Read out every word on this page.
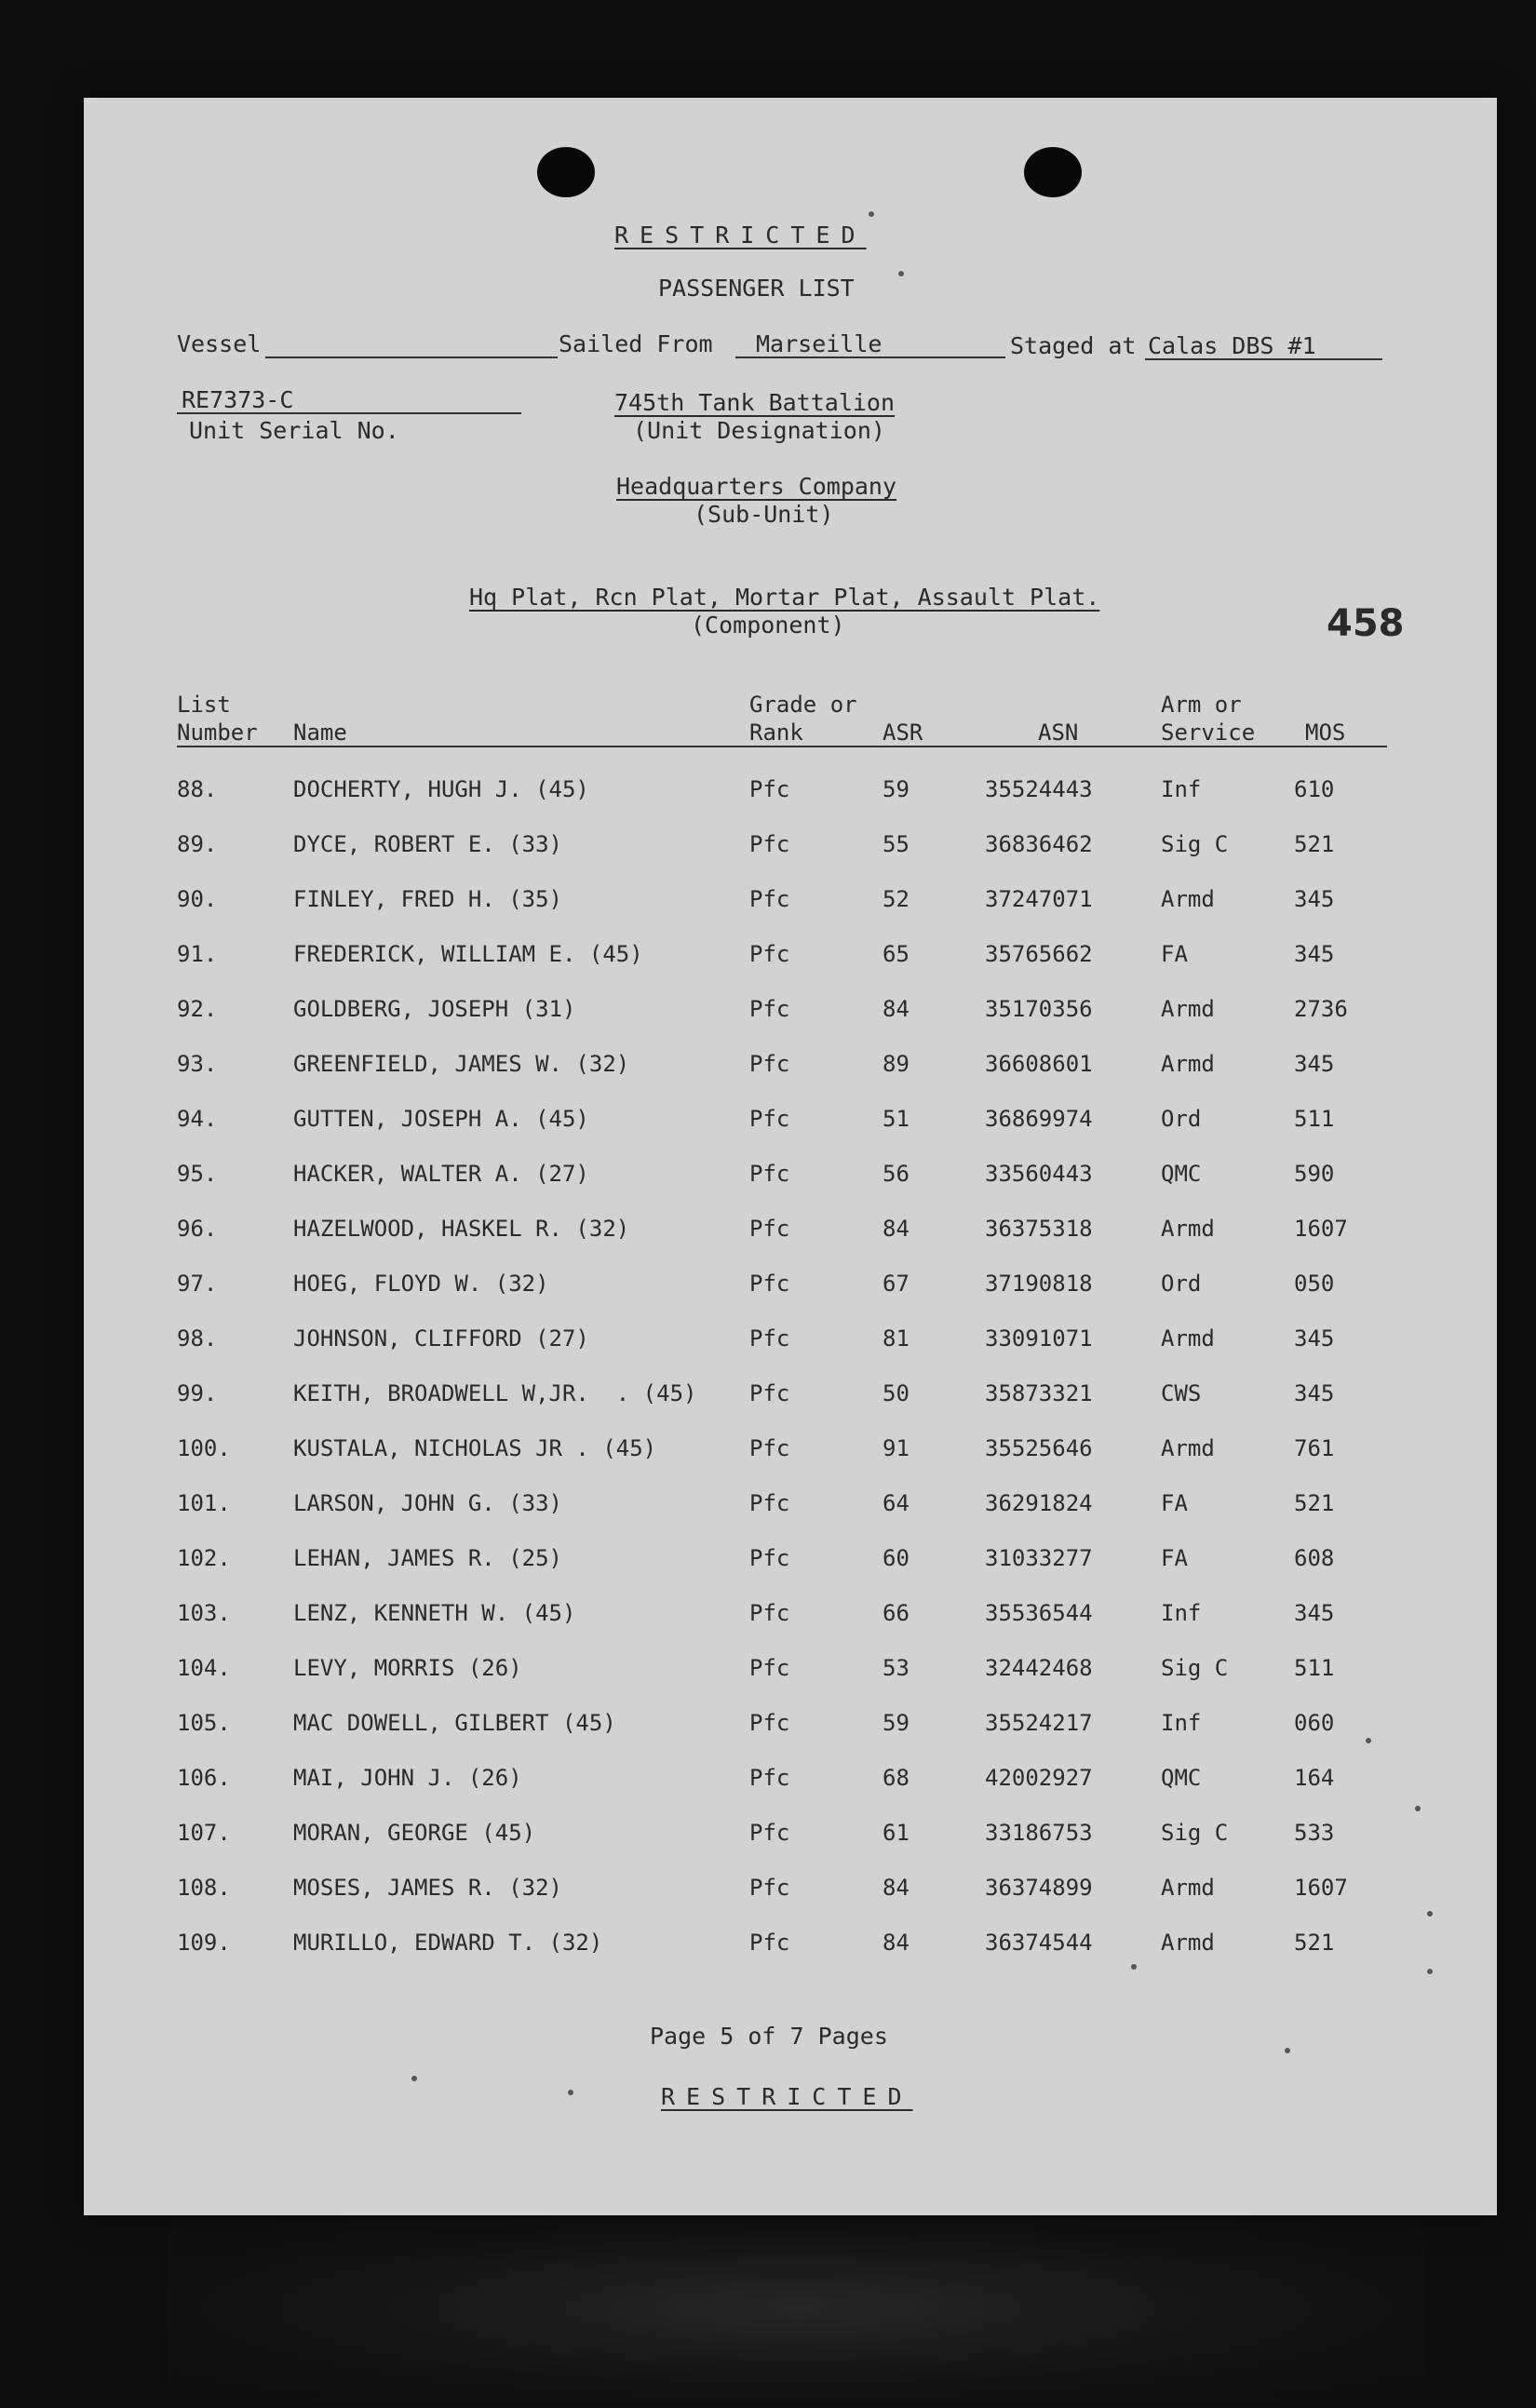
RESTRICTED
PASSENGER LIST
Vessel	Sailed From Marseille	Staged at Calas DBS #1
RE7373-C
Unit Serial No.
745th Tank Battalion
(Unit Designation)
Headquarters Company
(Sub-Unit)
Hq Plat, Rcn Plat, Mortar Plat, Assault Plat.
(Component)	458
List
Number Name
Grade or
Rank	ASR	ASN
Arm or
Service MOS
88.	DOCHERTY, HUGH J. (45)	Pfc	59	35524443	Inf	610
89.	DYCE, ROBERT E. (33)	Pfc	55	36836462	Sig C	521
90.	FINLEY, FRED H. (35)	Pfc	52	37247071	Armd	345
91.	FREDERICK, WILLIAM E. (45)	Pfc	65	35765662	FA	345
92.	GOLDBERG, JOSEPH (31)	Pfc	84	35170356	Armd	2736
93.	GREENFIELD, JAMES W. (32)	Pfc	89	36608601	Armd	345
94.	GUTTEN, JOSEPH A. (45)	Pfc	51	36869974	Ord	511
95.	HACKER, WALTER A. (27)	Pfc	56	33560443	QMC	590
96.	HAZELWOOD, HASKEL R. (32)	Pfc	84	36375318	Armd	1607
97.	HOEG, FLOYD W. (32)	Pfc	67	37190818	Ord	050
98.	JOHNSON, CLIFFORD (27)	Pfc	81	33091071	Armd	345
99.	KEITH, BROADWELL W,JR.  . (45) Pfc	50	35873321	CWS	345
100.	KUSTALA, NICHOLAS JR . (45)	Pfc	91	35525646	Armd	761
101.	LARSON, JOHN G. (33)	Pfc	64	36291824	FA	521
102.	LEHAN, JAMES R. (25)	Pfc	60	31033277	FA	608
103.	LENZ, KENNETH W. (45)	Pfc	66	35536544	Inf	345
104.	LEVY, MORRIS (26)	Pfc	53	32442468	Sig C	511
105.	MAC DOWELL, GILBERT (45)	Pfc	59	35524217	Inf	060
106.	MAI, JOHN J. (26)	Pfc	68	42002927	QMC	164
107.	MORAN, GEORGE (45)	Pfc	61	33186753	Sig C	533
108.	MOSES, JAMES R. (32)	Pfc	84	36374899	Armd	1607
109.	MURILLO, EDWARD T. (32)	Pfc	84	36374544	Armd	521
Page 5 of 7 Pages
RESTRICTED
